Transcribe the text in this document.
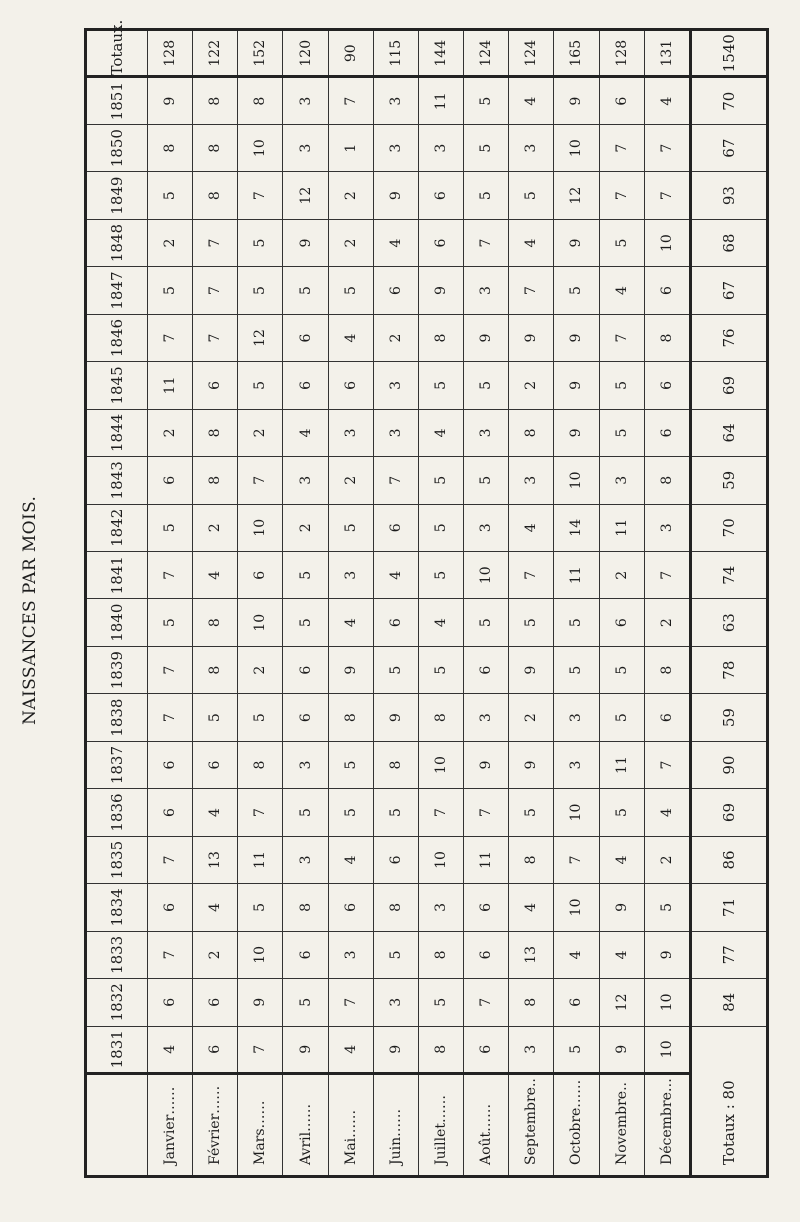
NAISSANCES PAR MOIS.
	1831	1832	1833	1834	1835	1836	1837	1838	1839	1840	1841	1842	1843	1844	1845	1846	1847	1848	1849	1850	1851	Totaux.
Janvier……	4	6	7	6	7	6	6	7	7	5	7	5	6	2	11	7	5	2	5	8	9	128
Février……	6	6	2	4	13	4	6	5	8	8	4	2	8	8	6	7	7	7	8	8	8	122
Mars……	7	9	10	5	11	7	8	5	2	10	6	10	7	2	5	12	5	5	7	10	8	152
Avril……	9	5	6	8	3	5	3	6	6	5	5	2	3	4	6	6	5	9	12	3	3	120
Mai……	4	7	3	6	4	5	5	8	9	4	3	5	2	3	6	4	5	2	2	1	7	90
Juin……	9	3	5	8	6	5	8	9	5	6	4	6	7	3	3	2	6	4	9	3	3	115
Juillet……	8	5	8	3	10	7	10	8	5	4	5	5	5	4	5	8	9	6	6	3	11	144
Août……	6	7	6	6	11	7	9	3	6	5	10	3	5	3	5	9	3	7	5	5	5	124
Septembre..	3	8	13	4	8	5	9	2	9	5	7	4	3	8	2	9	7	4	5	3	4	124
Octobre……	5	6	4	10	7	10	3	3	5	5	11	14	10	9	9	9	5	9	12	10	9	165
Novembre..	9	12	4	9	4	5	11	5	5	6	2	11	3	5	5	7	4	5	7	7	6	128
Décembre…	10	10	9	5	2	4	7	6	8	2	7	3	8	6	6	8	6	10	7	7	4	131
Totaux : 80		84	77	71	86	69	90	59	78	63	74	70	59	64	69	76	67	68	93	67	70	1540
